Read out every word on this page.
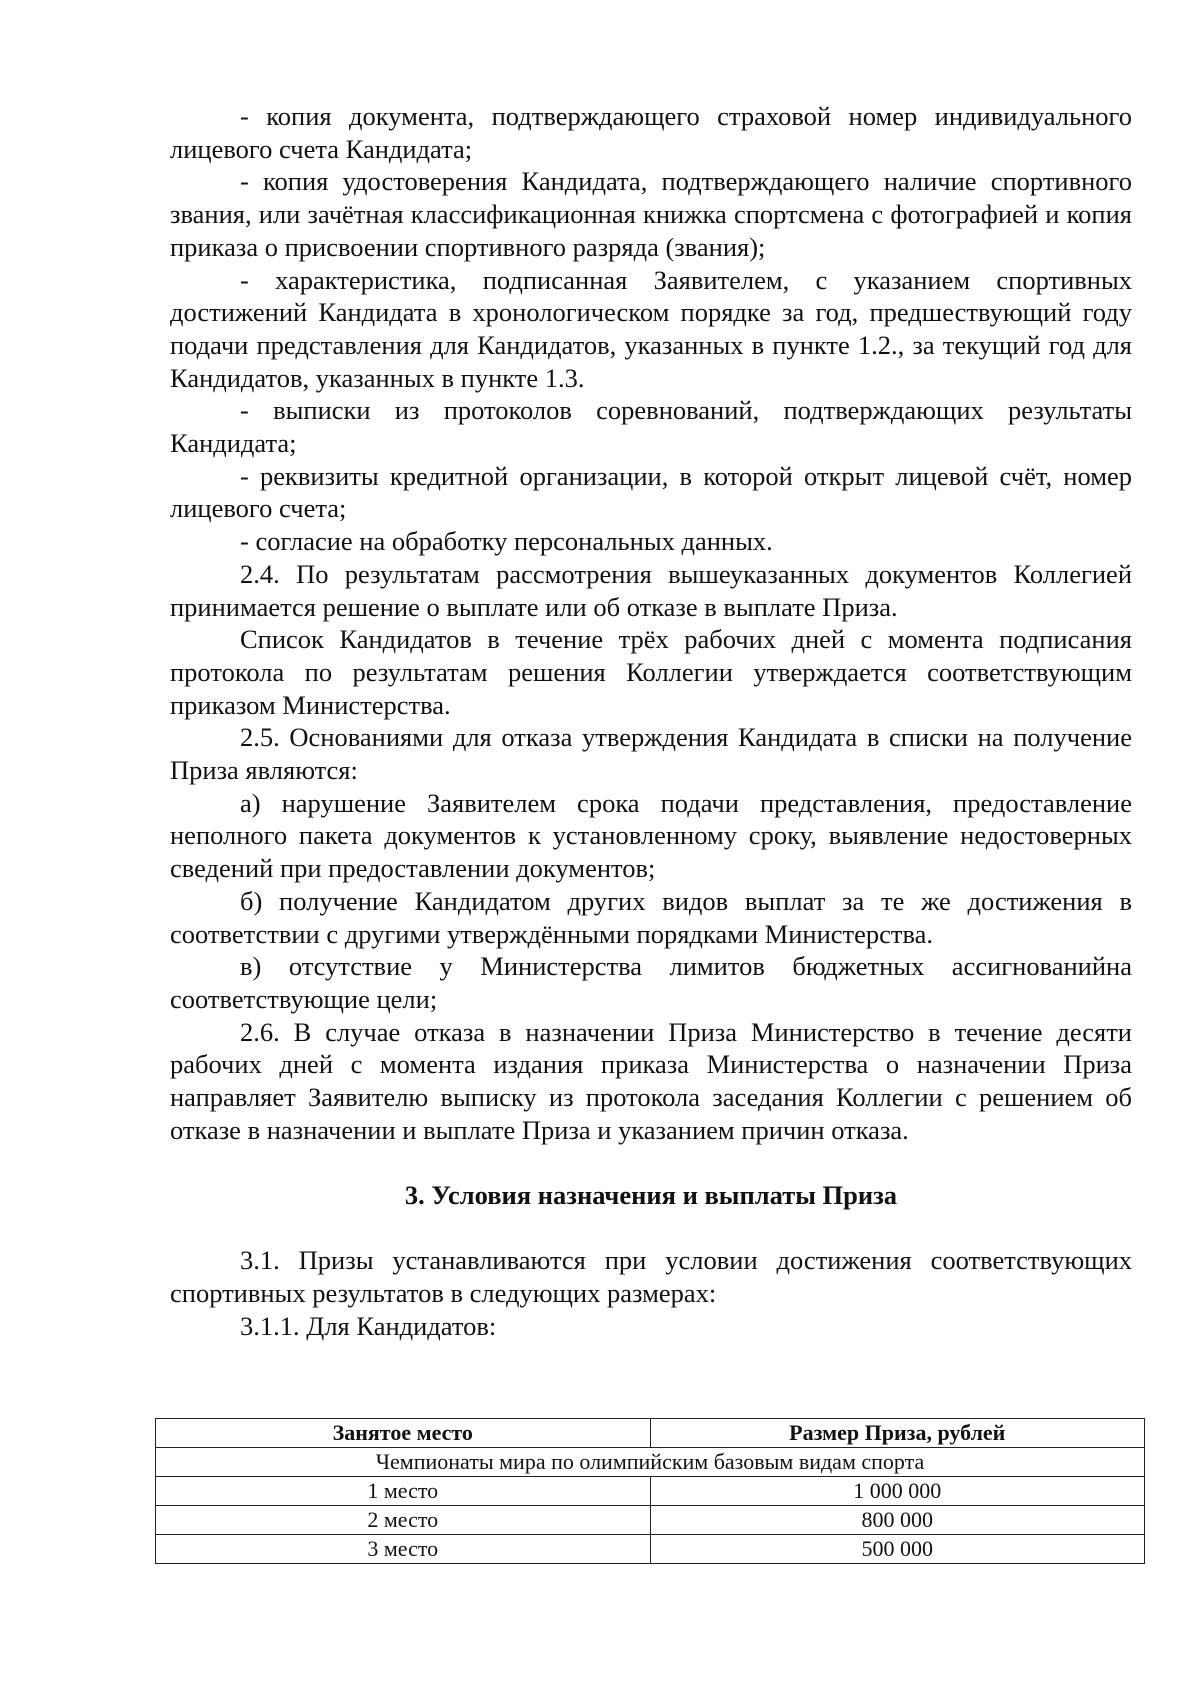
- копия документа, подтверждающего страховой номер индивидуального лицевого счета Кандидата;

- копия удостоверения Кандидата, подтверждающего наличие спортивного звания, или зачётная классификационная книжка спортсмена с фотографией и копия приказа о присвоении спортивного разряда (звания);

- характеристика, подписанная Заявителем, с указанием спортивных достижений Кандидата в хронологическом порядке за год, предшествующий году подачи представления для Кандидатов, указанных в пункте 1.2., за текущий год для Кандидатов, указанных в пункте 1.3.

- выписки из протоколов соревнований, подтверждающих результаты Кандидата;

- реквизиты кредитной организации, в которой открыт лицевой счёт, номер лицевого счета;

- согласие на обработку персональных данных.

2.4. По результатам рассмотрения вышеуказанных документов Коллегией принимается решение о выплате или об отказе в выплате Приза.

Список Кандидатов в течение трёх рабочих дней с момента подписания протокола по результатам решения Коллегии утверждается соответствующим приказом Министерства.

2.5. Основаниями для отказа утверждения Кандидата в списки на получение Приза являются:

а) нарушение Заявителем срока подачи представления, предоставление неполного пакета документов к установленному сроку, выявление недостоверных сведений при предоставлении документов;

б) получение Кандидатом других видов выплат за те же достижения в соответствии с другими утверждёнными порядками Министерства.

в) отсутствие у Министерства лимитов бюджетных ассигнованийна соответствующие цели;

2.6. В случае отказа в назначении Приза Министерство в течение десяти рабочих дней с момента издания приказа Министерства о назначении Приза направляет Заявителю выписку из протокола заседания Коллегии с решением об отказе в назначении и выплате Приза и указанием причин отказа.

3. Условия назначения и выплаты Приза

3.1. Призы устанавливаются при условии достижения соответствующих спортивных результатов в следующих размерах:

3.1.1. Для Кандидатов:

Занятое место	Размер Приза, рублей
Чемпионаты мира по олимпийским базовым видам спорта	
1 место	1 000 000
2 место	800 000
3 место	500 000
